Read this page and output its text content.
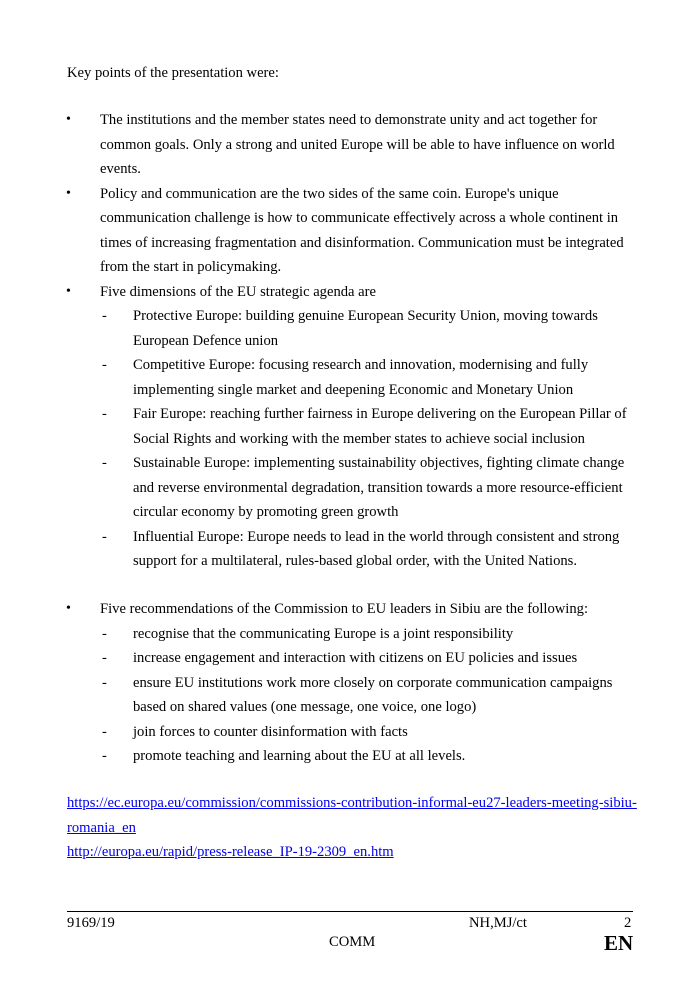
Key points of the presentation were:
• The institutions and the member states need to demonstrate unity and act together for common goals. Only a strong and united Europe will be able to have influence on world events.
• Policy and communication are the two sides of the same coin. Europe's unique communication challenge is how to communicate effectively across a whole continent in times of increasing fragmentation and disinformation. Communication must be integrated from the start in policymaking.
• Five dimensions of the EU strategic agenda are
- Protective Europe: building genuine European Security Union, moving towards European Defence union
- Competitive Europe: focusing research and innovation, modernising and fully implementing single market and deepening Economic and Monetary Union
- Fair Europe: reaching further fairness in Europe delivering on the European Pillar of Social Rights and working with the member states to achieve social inclusion
- Sustainable Europe: implementing sustainability objectives, fighting climate change and reverse environmental degradation, transition towards a more resource-efficient circular economy by promoting green growth
- Influential Europe: Europe needs to lead in the world through consistent and strong support for a multilateral, rules-based global order, with the United Nations.
• Five recommendations of the Commission to EU leaders in Sibiu are the following:
- recognise that the communicating Europe is a joint responsibility
- increase engagement and interaction with citizens on EU policies and issues
- ensure EU institutions work more closely on corporate communication campaigns based on shared values (one message, one voice, one logo)
- join forces to counter disinformation with facts
- promote teaching and learning about the EU at all levels.
https://ec.europa.eu/commission/commissions-contribution-informal-eu27-leaders-meeting-sibiu-
romania_en
http://europa.eu/rapid/press-release_IP-19-2309_en.htm
9169/19	NH,MJ/ct	2
COMM	EN
